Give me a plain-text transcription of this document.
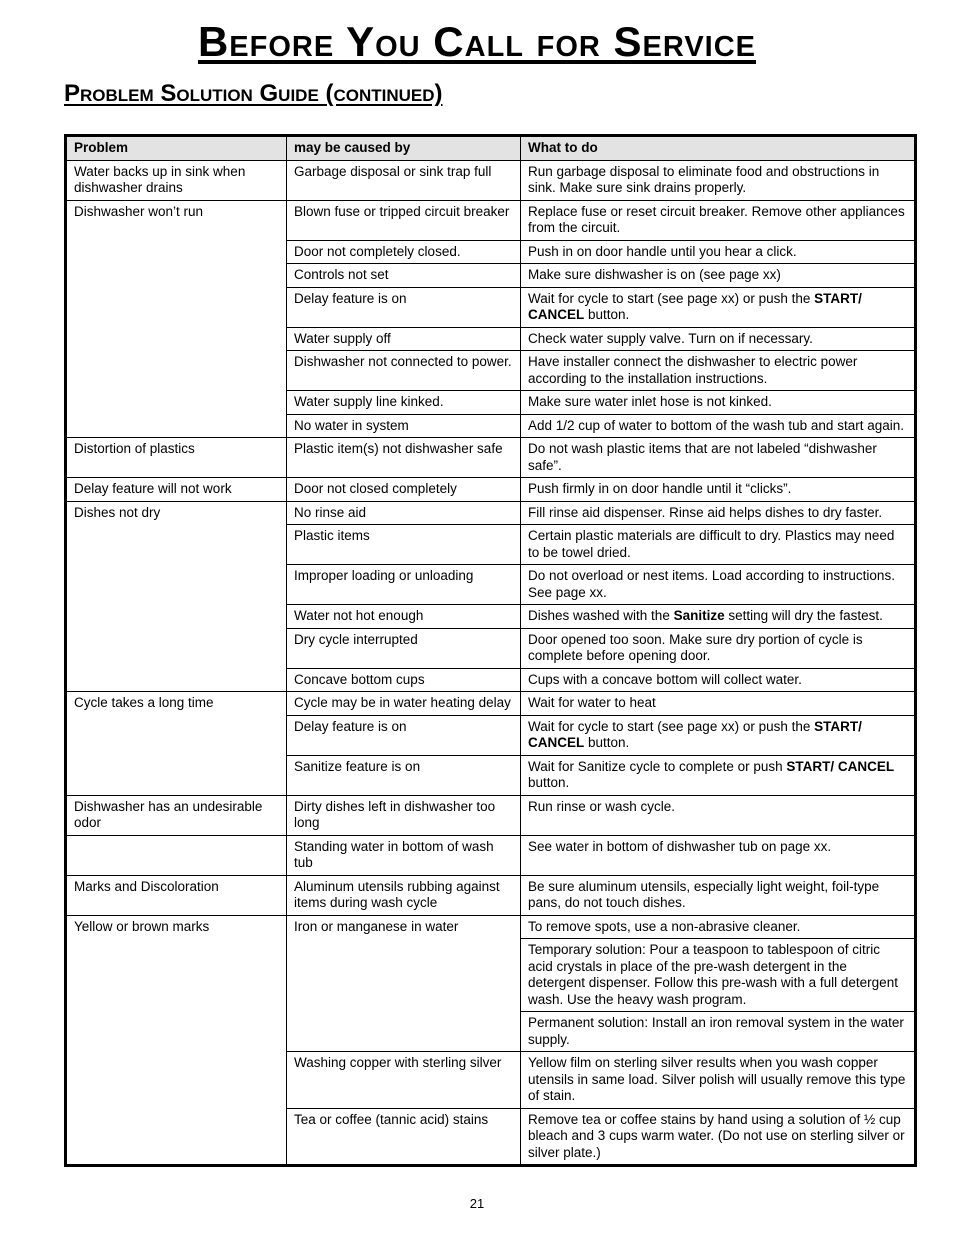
Before You Call for Service
Problem Solution Guide (continued)
Problem	may be caused by	What to do
Water backs up in sink when dishwasher drains	Garbage disposal or sink trap full	Run garbage disposal to eliminate food and obstructions in sink. Make sure sink drains properly.
Dishwasher won’t run	Blown fuse or tripped circuit breaker	Replace fuse or reset circuit breaker. Remove other appliances from the circuit.
	Door not completely closed.	Push in on door handle until you hear a click.
	Controls not set	Make sure dishwasher is on (see page xx)
	Delay feature is on	Wait for cycle to start (see page xx) or push the START/ CANCEL button.
	Water supply off	Check water supply valve. Turn on if necessary.
	Dishwasher not connected to power.	Have installer connect the dishwasher to electric power according to the installation instructions.
	Water supply line kinked.	Make sure water inlet hose is not kinked.
	No water in system	Add 1/2 cup of water to bottom of the wash tub and start again.
Distortion of plastics	Plastic item(s) not dishwasher safe	Do not wash plastic items that are not labeled “dishwasher safe”.
Delay feature will not work	Door not closed completely	Push firmly in on door handle until it “clicks”.
Dishes not dry	No rinse aid	Fill rinse aid dispenser. Rinse aid helps dishes to dry faster.
	Plastic items	Certain plastic materials are difficult to dry. Plastics may need to be towel dried.
	Improper loading or unloading	Do not overload or nest items. Load according to instructions. See page xx.
	Water not hot enough	Dishes washed with the Sanitize setting will dry the fastest.
	Dry cycle interrupted	Door opened too soon. Make sure dry portion of cycle is complete before opening door.
	Concave bottom cups	Cups with a concave bottom will collect water.
Cycle takes a long time	Cycle may be in water heating delay	Wait for water to heat
	Delay feature is on	Wait for cycle to start (see page xx) or push the START/ CANCEL button.
	Sanitize feature is on	Wait for Sanitize cycle to complete or push START/ CANCEL button.
Dishwasher has an undesirable odor	Dirty dishes left in dishwasher too long	Run rinse or wash cycle.
	Standing water in bottom of wash tub	See water in bottom of dishwasher tub on page xx.
Marks and Discoloration	Aluminum utensils rubbing against items during wash cycle	Be sure aluminum utensils, especially light weight, foil-type pans, do not touch dishes.
Yellow or brown marks	Iron or manganese in water	To remove spots, use a non-abrasive cleaner.
		Temporary solution: Pour a teaspoon to tablespoon of citric acid crystals in place of the pre-wash detergent in the detergent dispenser. Follow this pre-wash with a full detergent wash. Use the heavy wash program.
		Permanent solution: Install an iron removal system in the water supply.
	Washing copper with sterling silver	Yellow film on sterling silver results when you wash copper utensils in same load. Silver polish will usually remove this type of stain.
	Tea or coffee (tannic acid) stains	Remove tea or coffee stains by hand using a solution of ½ cup bleach and 3 cups warm water. (Do not use on sterling silver or silver plate.)
21
